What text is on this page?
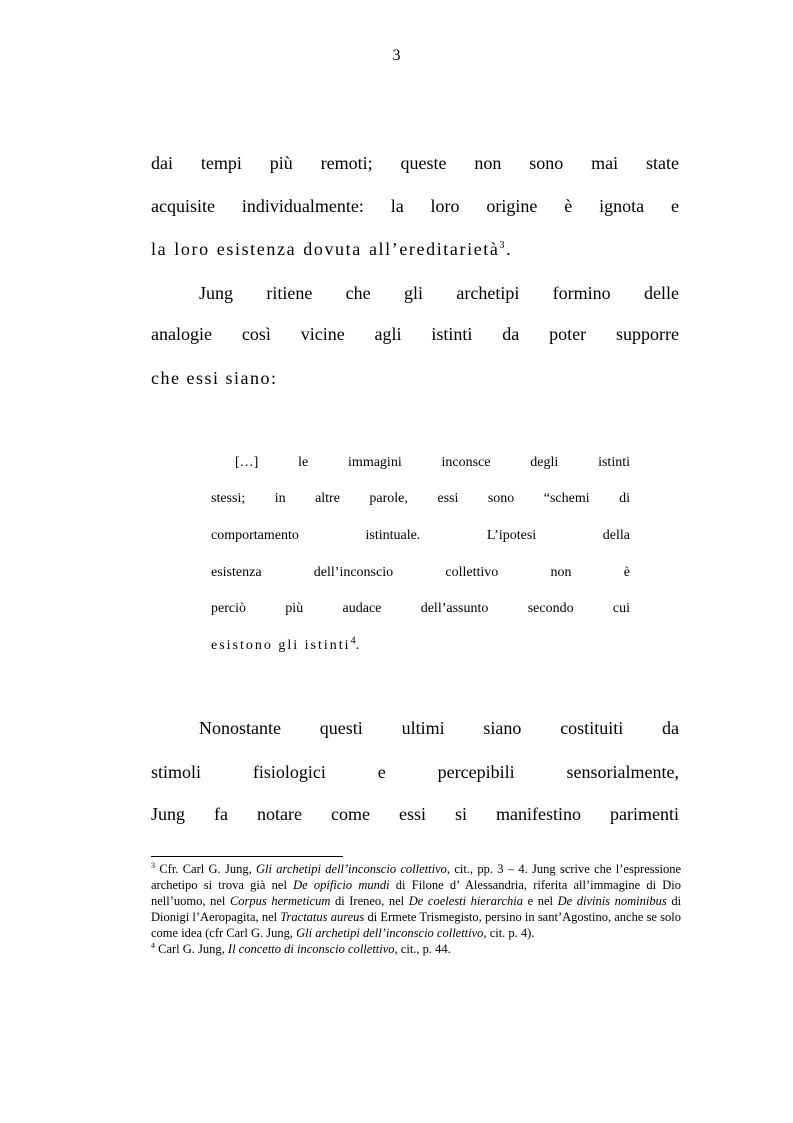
3
dai tempi più remoti; queste non sono mai state
acquisite individualmente: la loro origine è ignota e
la loro esistenza dovuta all’ereditarietà$^3$.
Jung ritiene che gli archetipi formino delle
analogie così vicine agli istinti da poter supporre
che essi siano:
[…] le immagini inconsce degli istinti
stessi; in altre parole, essi sono “schemi di
comportamento istintuale. L’ipotesi della
esistenza dell’inconscio collettivo non è
perciò più audace dell’assunto secondo cui
esistono gli istinti$^4$.
Nonostante questi ultimi siano costituiti da
stimoli fisiologici e percepibili sensorialmente,
Jung fa notare come essi si manifestino parimenti

$^3$ Cfr. Carl G. Jung, Gli archetipi dell’inconscio collettivo, cit., pp. 3 – 4. Jung scrive che l’espressione archetipo si trova già nel De opificio mundi di Filone d’ Alessandria, riferita all’immagine di Dio nell’uomo, nel Corpus hermeticum di Ireneo, nel De coelesti hierarchia e nel De divinis nominibus di Dionigi l’Aeropagita, nel Tractatus aureus di Ermete Trismegisto, persino in sant’Agostino, anche se solo come idea (cfr Carl G. Jung, Gli archetipi dell’inconscio collettivo, cit. p. 4).

$^4$ Carl G. Jung, Il concetto di inconscio collettivo, cit., p. 44.
